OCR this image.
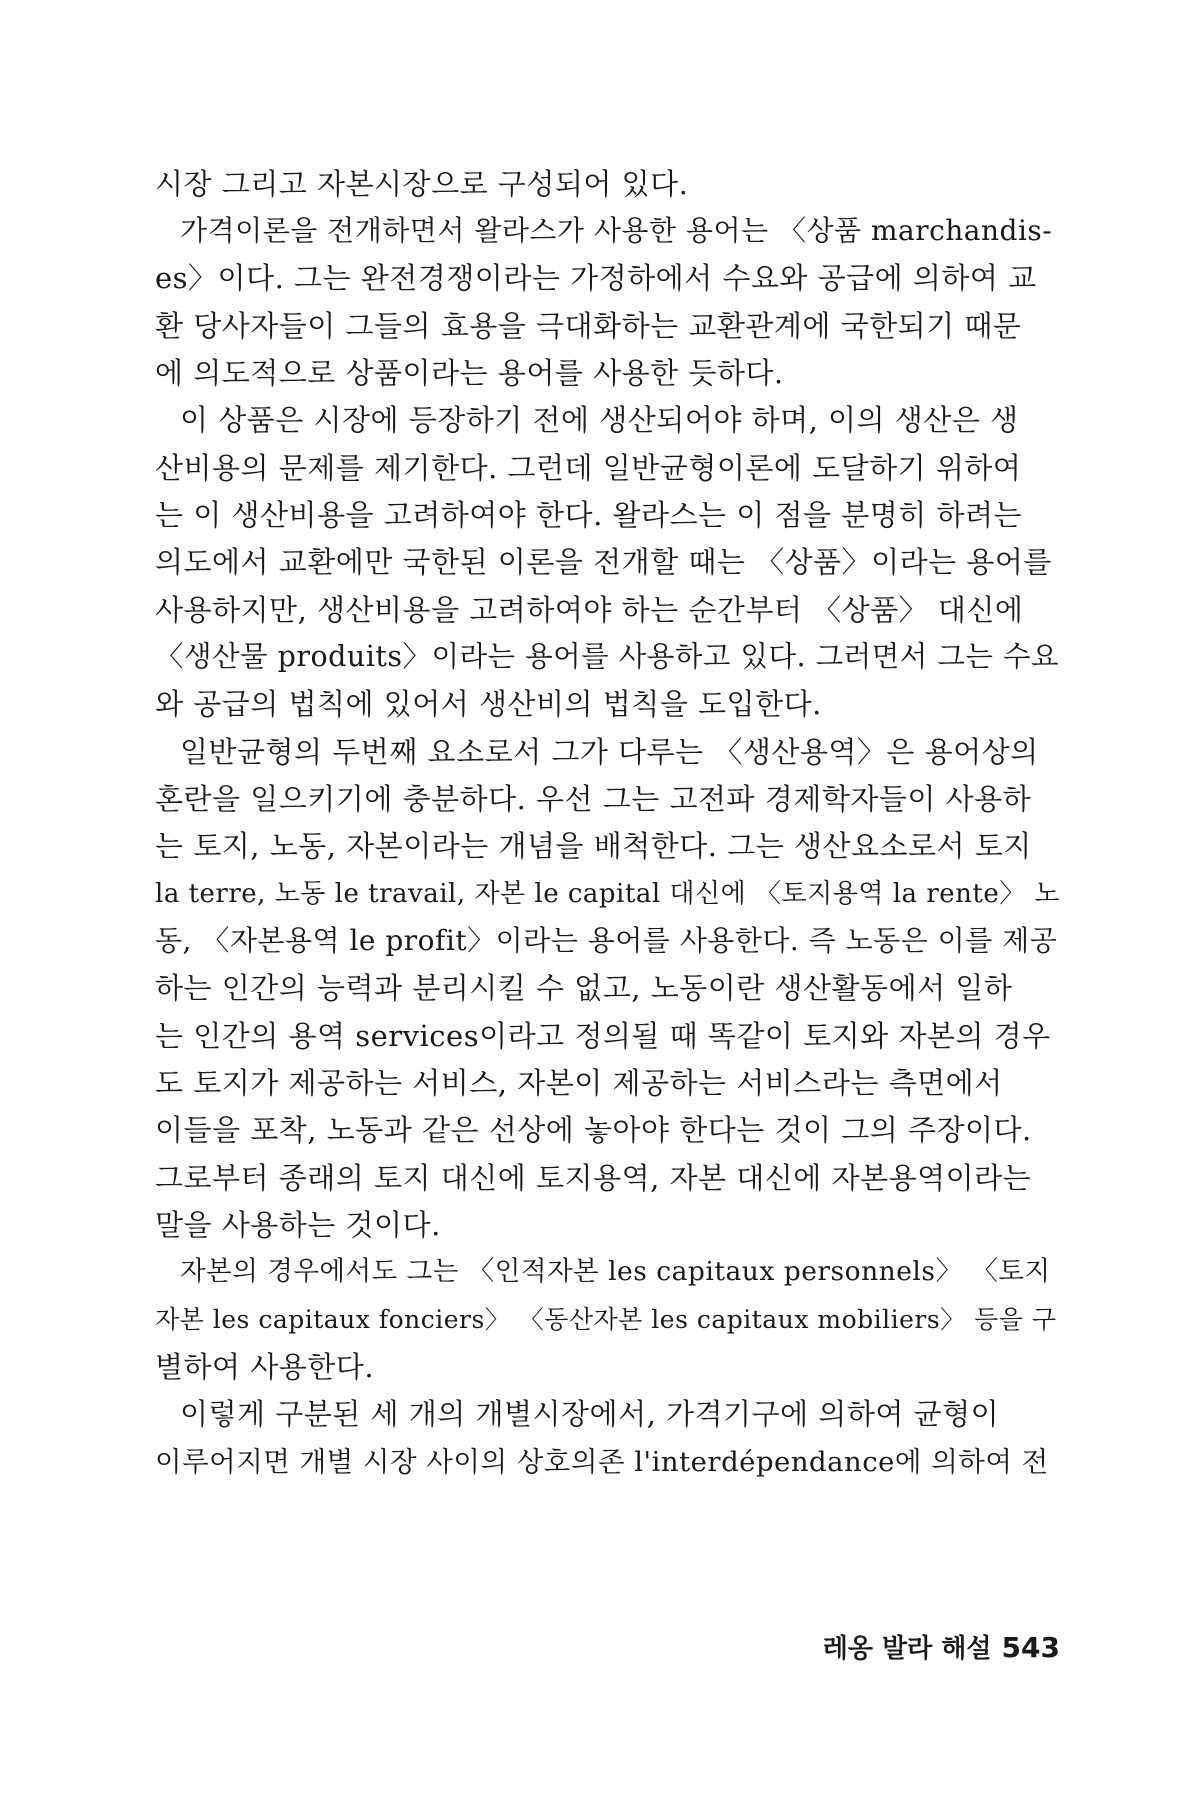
시장 그리고 자본시장으로 구성되어 있다.
가격이론을 전개하면서 왈라스가 사용한 용어는 〈상품 marchandis-
es〉이다. 그는 완전경쟁이라는 가정하에서 수요와 공급에 의하여 교
환 당사자들이 그들의 효용을 극대화하는 교환관계에 국한되기 때문
에 의도적으로 상품이라는 용어를 사용한 듯하다.
이 상품은 시장에 등장하기 전에 생산되어야 하며, 이의 생산은 생
산비용의 문제를 제기한다. 그런데 일반균형이론에 도달하기 위하여
는 이 생산비용을 고려하여야 한다. 왈라스는 이 점을 분명히 하려는
의도에서 교환에만 국한된 이론을 전개할 때는 〈상품〉이라는 용어를
사용하지만, 생산비용을 고려하여야 하는 순간부터 〈상품〉 대신에
〈생산물 produits〉이라는 용어를 사용하고 있다. 그러면서 그는 수요
와 공급의 법칙에 있어서 생산비의 법칙을 도입한다.
일반균형의 두번째 요소로서 그가 다루는 〈생산용역〉은 용어상의
혼란을 일으키기에 충분하다. 우선 그는 고전파 경제학자들이 사용하
는 토지, 노동, 자본이라는 개념을 배척한다. 그는 생산요소로서 토지
la terre, 노동 le travail, 자본 le capital 대신에 〈토지용역 la rente〉 노
동, 〈자본용역 le profit〉이라는 용어를 사용한다. 즉 노동은 이를 제공
하는 인간의 능력과 분리시킬 수 없고, 노동이란 생산활동에서 일하
는 인간의 용역 services이라고 정의될 때 똑같이 토지와 자본의 경우
도 토지가 제공하는 서비스, 자본이 제공하는 서비스라는 측면에서
이들을 포착, 노동과 같은 선상에 놓아야 한다는 것이 그의 주장이다.
그로부터 종래의 토지 대신에 토지용역, 자본 대신에 자본용역이라는
말을 사용하는 것이다.
자본의 경우에서도 그는 〈인적자본 les capitaux personnels〉 〈토지
자본 les capitaux fonciers〉 〈동산자본 les capitaux mobiliers〉 등을 구
별하여 사용한다.
이렇게 구분된 세 개의 개별시장에서, 가격기구에 의하여 균형이
이루어지면 개별 시장 사이의 상호의존 l'interdépendance에 의하여 전
레옹 발라 해설 543
